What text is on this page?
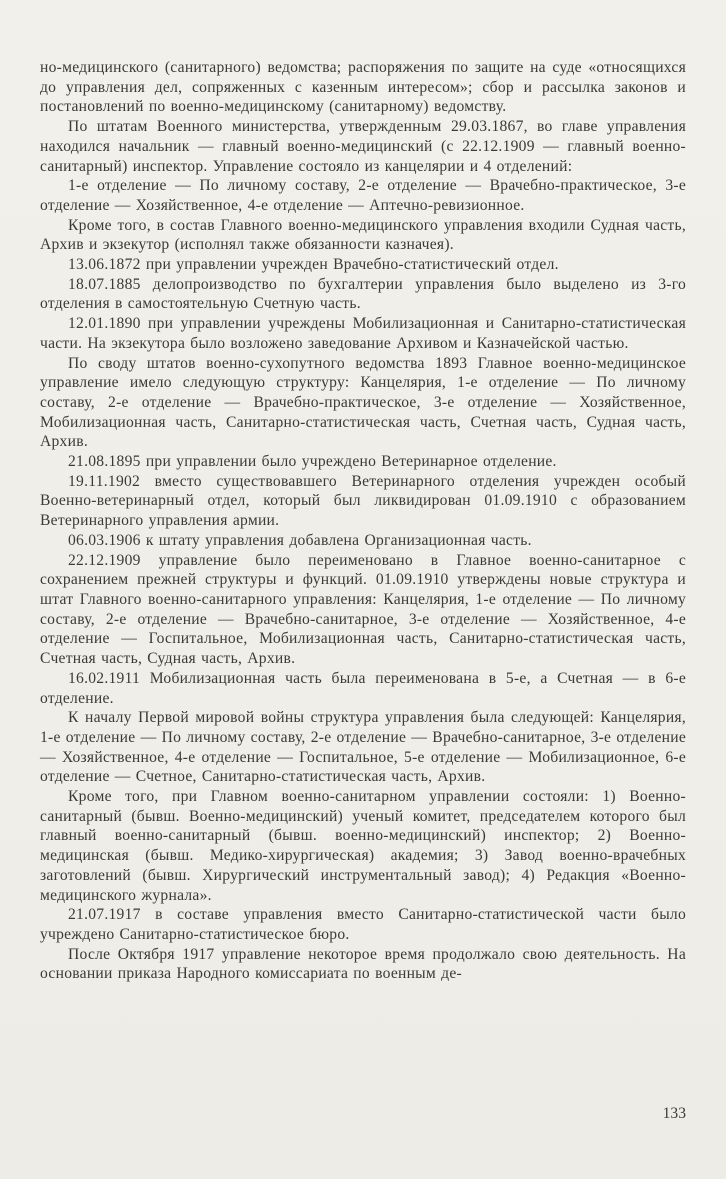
но-медицинского (санитарного) ведомства; распоряжения по защите на суде «относящихся до управления дел, сопряженных с казенным интересом»; сбор и рассылка законов и постановлений по военно-медицинскому (санитарному) ведомству.

По штатам Военного министерства, утвержденным 29.03.1867, во главе управления находился начальник — главный военно-медицинский (с 22.12.1909 — главный военно-санитарный) инспектор. Управление состояло из канцелярии и 4 отделений:

1-е отделение — По личному составу, 2-е отделение — Врачебно-практическое, 3-е отделение — Хозяйственное, 4-е отделение — Аптечно-ревизионное.

Кроме того, в состав Главного военно-медицинского управления входили Судная часть, Архив и экзекутор (исполнял также обязанности казначея).

13.06.1872 при управлении учрежден Врачебно-статистический отдел.

18.07.1885 делопроизводство по бухгалтерии управления было выделено из 3-го отделения в самостоятельную Счетную часть.

12.01.1890 при управлении учреждены Мобилизационная и Санитарно-статистическая части. На экзекутора было возложено заведование Архивом и Казначейской частью.

По своду штатов военно-сухопутного ведомства 1893 Главное военно-медицинское управление имело следующую структуру: Канцелярия, 1-е отделение — По личному составу, 2-е отделение — Врачебно-практическое, 3-е отделение — Хозяйственное, Мобилизационная часть, Санитарно-статистическая часть, Счетная часть, Судная часть, Архив.

21.08.1895 при управлении было учреждено Ветеринарное отделение.

19.11.1902 вместо существовавшего Ветеринарного отделения учрежден особый Военно-ветеринарный отдел, который был ликвидирован 01.09.1910 с образованием Ветеринарного управления армии.

06.03.1906 к штату управления добавлена Организационная часть.

22.12.1909 управление было переименовано в Главное военно-санитарное с сохранением прежней структуры и функций. 01.09.1910 утверждены новые структура и штат Главного военно-санитарного управления: Канцелярия, 1-е отделение — По личному составу, 2-е отделение — Врачебно-санитарное, 3-е отделение — Хозяйственное, 4-е отделение — Госпитальное, Мобилизационная часть, Санитарно-статистическая часть, Счетная часть, Судная часть, Архив.

16.02.1911 Мобилизационная часть была переименована в 5-е, а Счетная — в 6-е отделение.

К началу Первой мировой войны структура управления была следующей: Канцелярия, 1-е отделение — По личному составу, 2-е отделение — Врачебно-санитарное, 3-е отделение — Хозяйственное, 4-е отделение — Госпитальное, 5-е отделение — Мобилизационное, 6-е отделение — Счетное, Санитарно-статистическая часть, Архив.

Кроме того, при Главном военно-санитарном управлении состояли: 1) Военно-санитарный (бывш. Военно-медицинский) ученый комитет, председателем которого был главный военно-санитарный (бывш. военно-медицинский) инспектор; 2) Военно-медицинская (бывш. Медико-хирургическая) академия; 3) Завод военно-врачебных заготовлений (бывш. Хирургический инструментальный завод); 4) Редакция «Военно-медицинского журнала».

21.07.1917 в составе управления вместо Санитарно-статистической части было учреждено Санитарно-статистическое бюро.

После Октября 1917 управление некоторое время продолжало свою деятельность. На основании приказа Народного комиссариата по военным де-

133
